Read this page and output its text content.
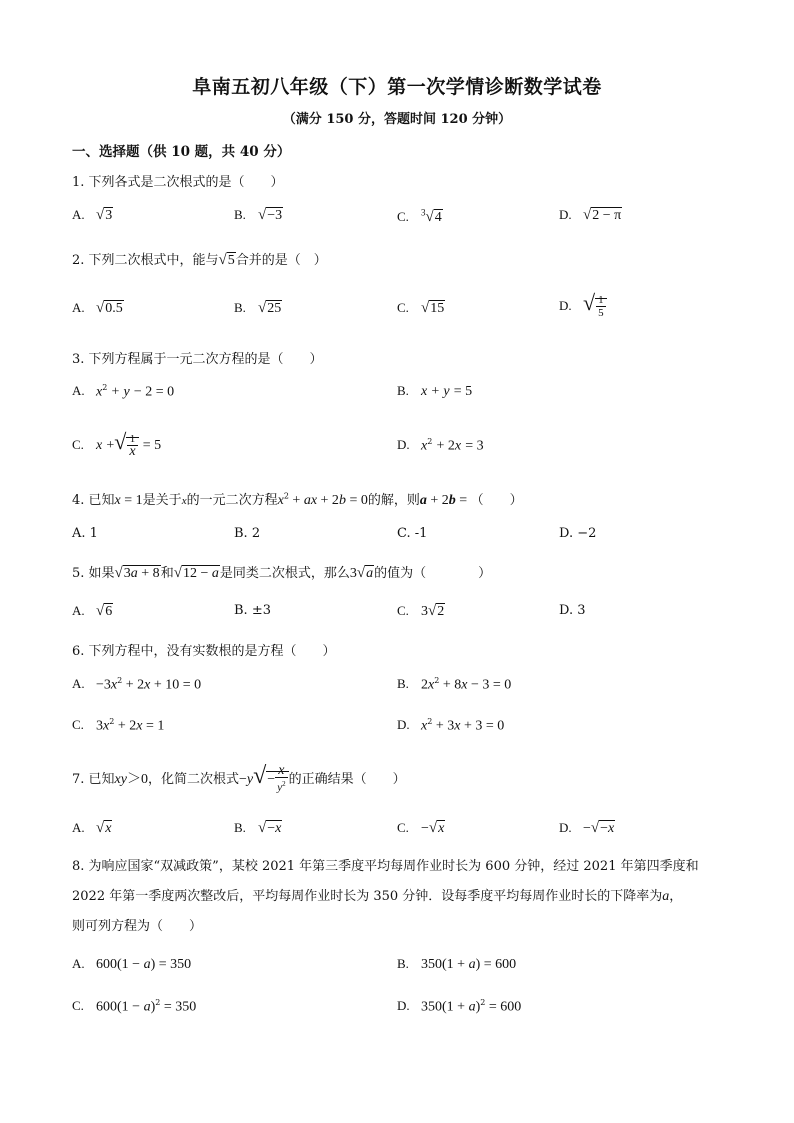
阜南五初八年级（下）第一次学情诊断数学试卷
（满分 150 分，答题时间 120 分钟）
一、选择题（供 10 题，共 40 分）
1. 下列各式是二次根式的是（　　）
A. √3	B. √−3	C. $^3$√4	D. √2 − π
2. 下列二次根式中，能与√5合并的是（　）
A. √0.5	B. √25	C. √15	D. √ $\frac{1}{5}$
3. 下列方程属于一元二次方程的是（　　）
A. $x^2 + y - 2 = 0$	B. x + y = 5
C. x +√ $\frac{1}{x} = 5$	D. $x^2 + 2x = 3$
4. 已知x = 1是关于x的一元二次方程$x^2$ + ax + 2b = 0的解，则a + 2b = （　　）
A. 1	B. 2	C. -1	D. −2
5. 如果√3a + 8和√12 − a是同类二次根式，那么3√a的值为（　　　　）
A. √6	B. ±3	C. 3√2	D. 3
6. 下列方程中，没有实数根的是方程（　　）
A. $-3x^2 + 2x + 10 = 0$	B. $2x^2 + 8x - 3 = 0$
C. $3x^2 + 2x = 1$	D. $x^2 + 3x + 3 = 0$
7. 已知xy＞0，化简二次根式$-y√- \frac{x}{y^2}$ 的正确结果（　　）
A. √x	B. √−x	C. −√x	D. −√−x
8. 为响应国家“双减政策”，某校 2021 年第三季度平均每周作业时长为 600 分钟，经过 2021 年第四季度和
2022 年第一季度两次整改后，平均每周作业时长为 350 分钟．设每季度平均每周作业时长的下降率为a，
则可列方程为（　　）
A. 600(1 − a) = 350	B. 350(1 + a) = 600
C. $600(1 - a)^2 = 350$	D. $350(1 + a)^2 = 600$
